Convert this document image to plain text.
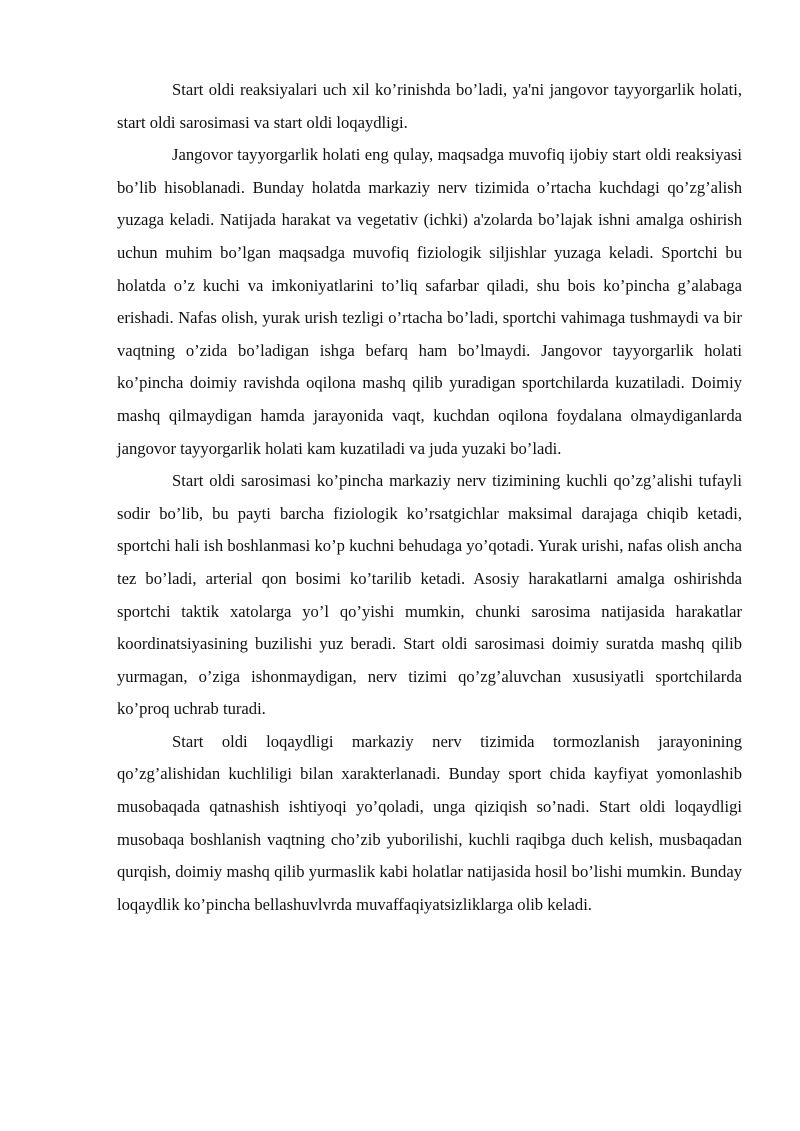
Start oldi reaksiyalari uch xil ko’rinishda bo’ladi, ya'ni jangovor tayyorgarlik holati, start oldi sarosimasi va start oldi loqaydligi.

Jangovor tayyorgarlik holati eng qulay, maqsadga muvofiq ijobiy start oldi reaksiyasi bo’lib hisoblanadi. Bunday holatda markaziy nerv tizimida o’rtacha kuchdagi qo’zg’alish yuzaga keladi. Natijada harakat va vegetativ (ichki) a'zolarda bo’lajak ishni amalga oshirish uchun muhim bo’lgan maqsadga muvofiq fiziologik siljishlar yuzaga keladi. Sportchi bu holatda o’z kuchi va imkoniyatlarini to’liq safarbar qiladi, shu bois ko’pincha g’alabaga erishadi. Nafas olish, yurak urish tezligi o’rtacha bo’ladi, sportchi vahimaga tushmaydi va bir vaqtning o’zida bo’ladigan ishga befarq ham bo’lmaydi. Jangovor tayyorgarlik holati ko’pincha doimiy ravishda oqilona mashq qilib yuradigan sportchilarda kuzatiladi. Doimiy mashq qilmaydigan hamda jarayonida vaqt, kuchdan oqilona foydalana olmaydiganlarda jangovor tayyorgarlik holati kam kuzatiladi va juda yuzaki bo’ladi.

Start oldi sarosimasi ko’pincha markaziy nerv tizimining kuchli qo’zg’alishi tufayli sodir bo’lib, bu payti barcha fiziologik ko’rsatgichlar maksimal darajaga chiqib ketadi, sportchi hali ish boshlanmasi ko’p kuchni behudaga yo’qotadi. Yurak urishi, nafas olish ancha tez bo’ladi, arterial qon bosimi ko’tarilib ketadi. Asosiy harakatlarni amalga oshirishda sportchi taktik xatolarga yo’l qo’yishi mumkin, chunki sarosima natijasida harakatlar koordinatsiyasining buzilishi yuz beradi. Start oldi sarosimasi doimiy suratda mashq qilib yurmagan, o’ziga ishonmaydigan, nerv tizimi qo’zg’aluvchan xususiyatli sportchilarda ko’proq uchrab turadi.

Start oldi loqaydligi markaziy nerv tizimida tormozlanish jarayonining qo’zg’alishidan kuchliligi bilan xarakterlanadi. Bunday sport chida kayfiyat yomonlashib musobaqada qatnashish ishtiyoqi yo’qoladi, unga qiziqish so’nadi. Start oldi loqaydligi musobaqa boshlanish vaqtning cho’zib yuborilishi, kuchli raqibga duch kelish, musbaqadan qurqish, doimiy mashq qilib yurmaslik kabi holatlar natijasida hosil bo’lishi mumkin. Bunday loqaydlik ko’pincha bellashuvlvrda muvaffaqiyatsizliklarga olib keladi.
